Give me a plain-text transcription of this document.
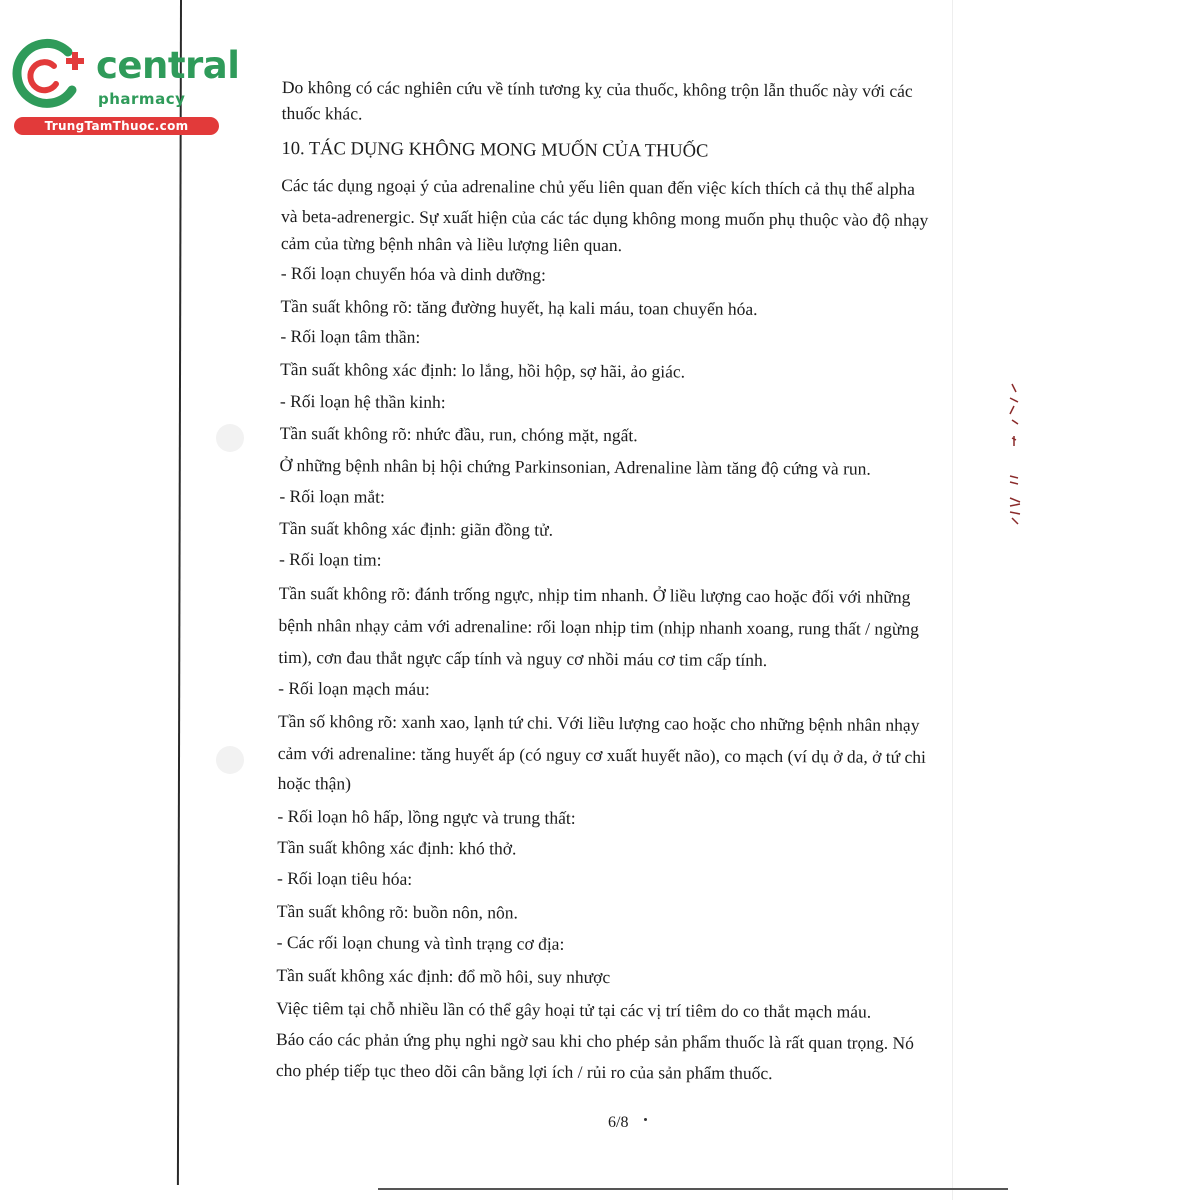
central
pharmacy
TrungTamThuoc.com
Do không có các nghiên cứu về tính tương kỵ của thuốc, không trộn lẫn thuốc này với các
thuốc khác.
10. TÁC DỤNG KHÔNG MONG MUỐN CỦA THUỐC
Các tác dụng ngoại ý của adrenaline chủ yếu liên quan đến việc kích thích cả thụ thể alpha
và beta-adrenergic. Sự xuất hiện của các tác dụng không mong muốn phụ thuộc vào độ nhạy
cảm của từng bệnh nhân và liều lượng liên quan.
- Rối loạn chuyển hóa và dinh dưỡng:
Tần suất không rõ: tăng đường huyết, hạ kali máu, toan chuyển hóa.
- Rối loạn tâm thần:
Tần suất không xác định: lo lắng, hồi hộp, sợ hãi, ảo giác.
- Rối loạn hệ thần kinh:
Tần suất không rõ: nhức đầu, run, chóng mặt, ngất.
Ở những bệnh nhân bị hội chứng Parkinsonian, Adrenaline làm tăng độ cứng và run.
- Rối loạn mắt:
Tần suất không xác định: giãn đồng tử.
- Rối loạn tim:
Tần suất không rõ: đánh trống ngực, nhịp tim nhanh. Ở liều lượng cao hoặc đối với những
bệnh nhân nhạy cảm với adrenaline: rối loạn nhịp tim (nhịp nhanh xoang, rung thất / ngừng
tim), cơn đau thắt ngực cấp tính và nguy cơ nhồi máu cơ tim cấp tính.
- Rối loạn mạch máu:
Tần số không rõ: xanh xao, lạnh tứ chi. Với liều lượng cao hoặc cho những bệnh nhân nhạy
cảm với adrenaline: tăng huyết áp (có nguy cơ xuất huyết não), co mạch (ví dụ ở da, ở tứ chi
hoặc thận)
- Rối loạn hô hấp, lồng ngực và trung thất:
Tần suất không xác định: khó thở.
- Rối loạn tiêu hóa:
Tần suất không rõ: buồn nôn, nôn.
- Các rối loạn chung và tình trạng cơ địa:
Tần suất không xác định: đổ mồ hôi, suy nhược
Việc tiêm tại chỗ nhiều lần có thể gây hoại tử tại các vị trí tiêm do co thắt mạch máu.
Báo cáo các phản ứng phụ nghi ngờ sau khi cho phép sản phẩm thuốc là rất quan trọng. Nó
cho phép tiếp tục theo dõi cân bằng lợi ích / rủi ro của sản phẩm thuốc.
6/8
